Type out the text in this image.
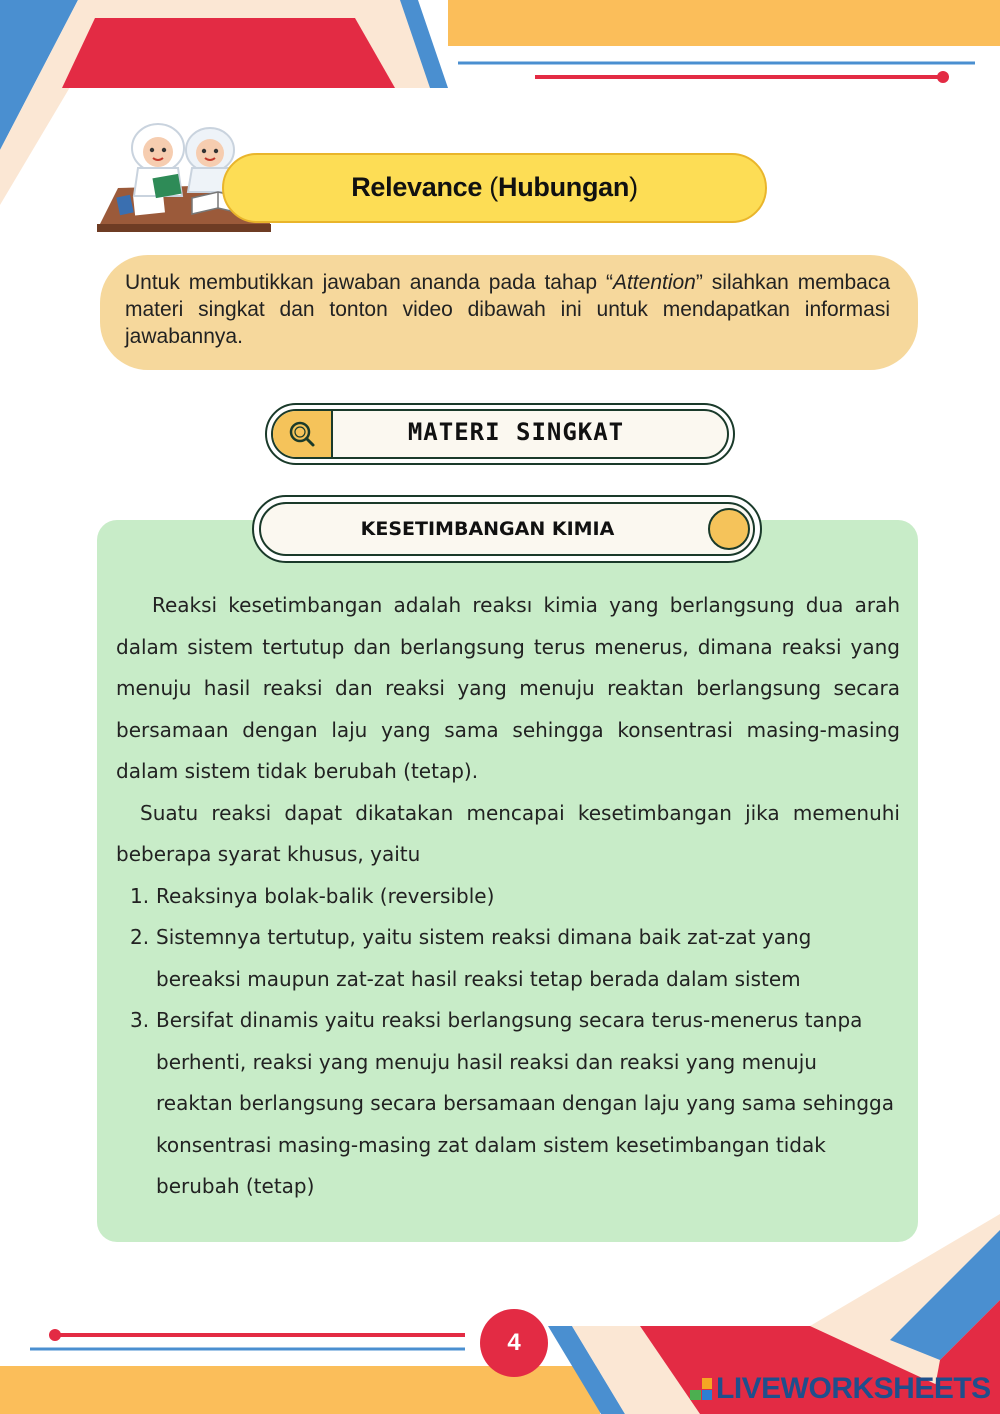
Relevance (Hubungan)
Untuk membutikkan jawaban ananda pada tahap “Attention” silahkan membaca materi singkat dan tonton video dibawah ini untuk mendapatkan informasi jawabannya.
MATERI SINGKAT
KESETIMBANGAN KIMIA

Reaksi kesetimbangan adalah reaksı kimia yang berlangsung dua arah dalam sistem tertutup dan berlangsung terus menerus, dimana reaksi yang menuju hasil reaksi dan reaksi yang menuju reaktan berlangsung secara bersamaan dengan laju yang sama sehingga konsentrasi masing-masing dalam sistem tidak berubah (tetap).

Suatu reaksi dapat dikatakan mencapai kesetimbangan jika memenuhi beberapa syarat khusus, yaitu

1. Reaksinya bolak-balik (reversible)
2. Sistemnya tertutup, yaitu sistem reaksi dimana baik zat-zat yang bereaksi maupun zat-zat hasil reaksi tetap berada dalam sistem
3. Bersifat dinamis yaitu reaksi berlangsung secara terus-menerus tanpa berhenti, reaksi yang menuju hasil reaksi dan reaksi yang menuju reaktan berlangsung secara bersamaan dengan laju yang sama sehingga konsentrasi masing-masing zat dalam sistem kesetimbangan tidak berubah (tetap)
4
LIVEWORKSHEETS
